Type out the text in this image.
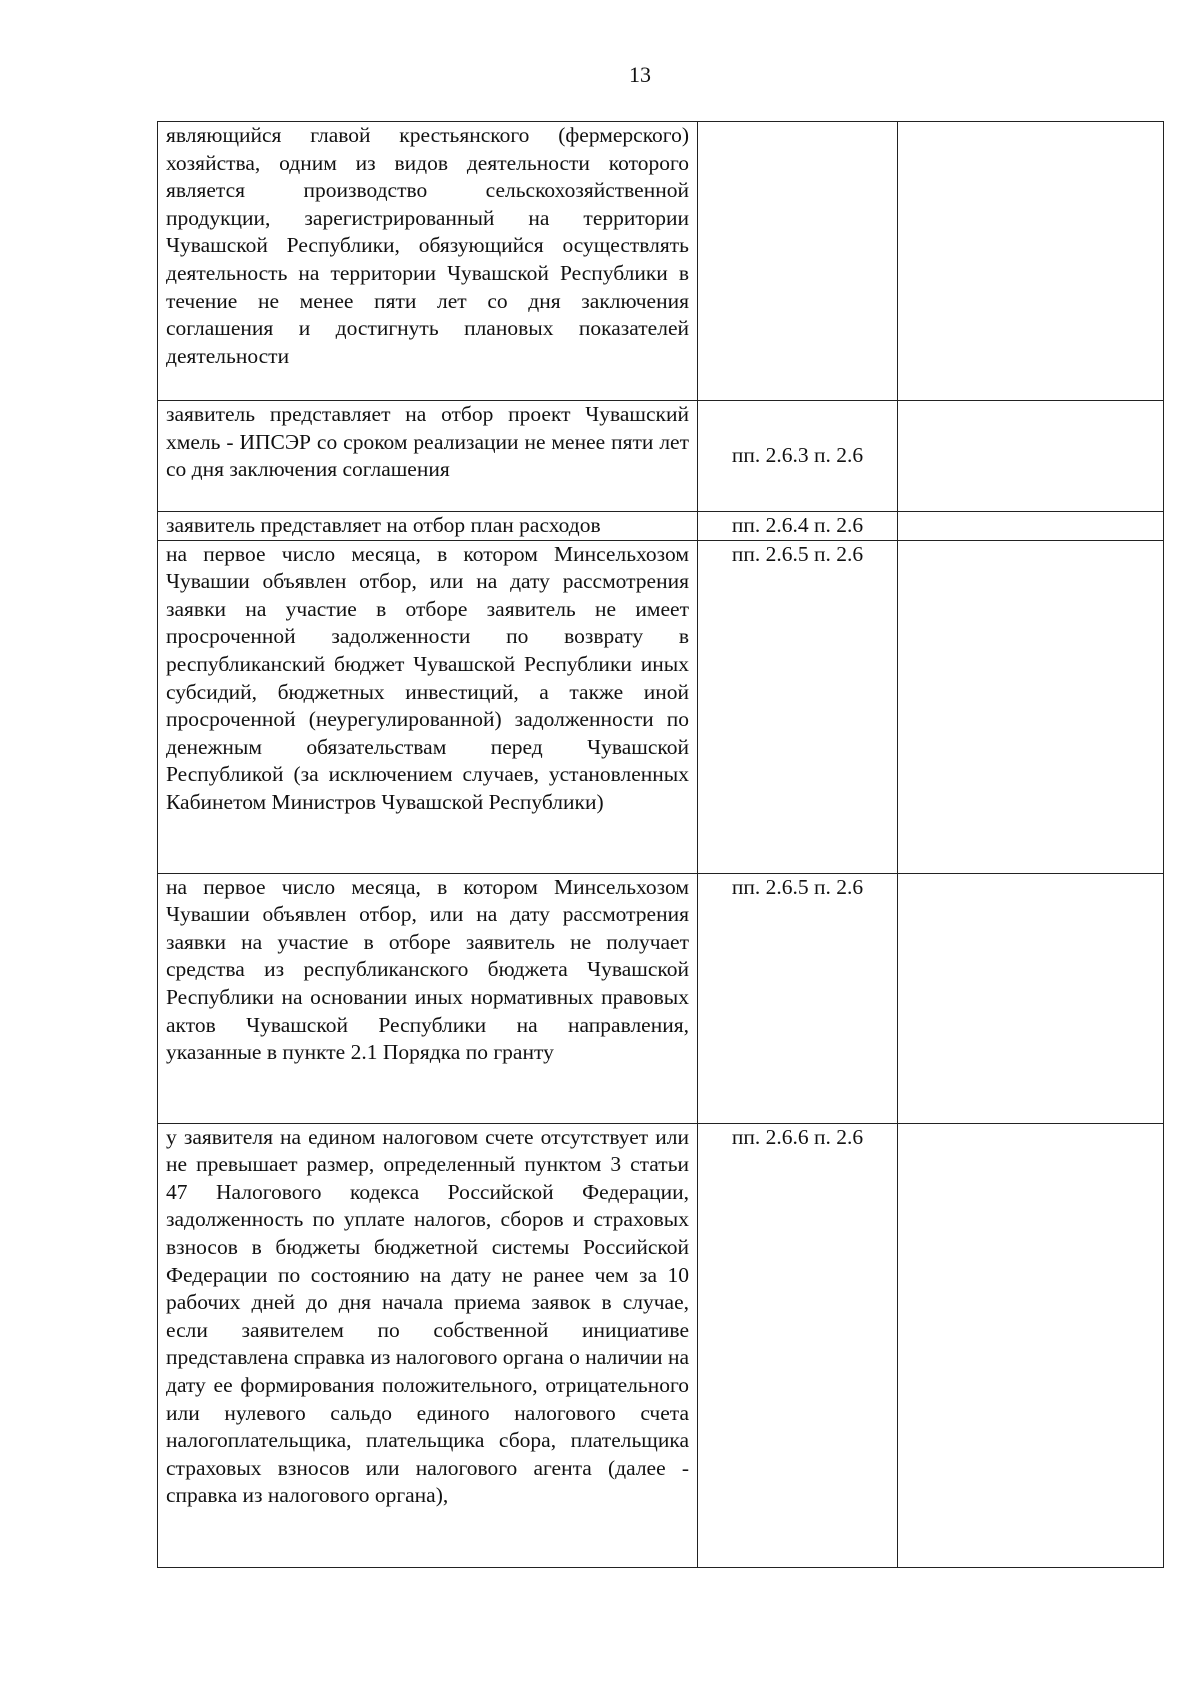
13
являющийся главой крестьянского (фермерского) хозяйства, одним из видов деятельности которого является производство сельскохозяйственной продукции, зарегистрированный на территории Чувашской Республики, обязующийся осуществлять деятельность на территории Чувашской Республики в течение не менее пяти лет со дня заключения соглашения и достигнуть плановых показателей деятельности		
заявитель представляет на отбор проект Чувашский хмель - ИПСЭР со сроком реализации не менее пяти лет со дня заключения соглашения	пп. 2.6.3 п. 2.6	
заявитель представляет на отбор план расходов	пп. 2.6.4 п. 2.6	
на первое число месяца, в котором Минсельхозом Чувашии объявлен отбор, или на дату рассмотрения заявки на участие в отборе заявитель не имеет просроченной задолженности по возврату в республиканский бюджет Чувашской Республики иных субсидий, бюджетных инвестиций, а также иной просроченной (неурегулированной) задолженности по денежным обязательствам перед Чувашской Республикой (за исключением случаев, установленных Кабинетом Министров Чувашской Республики)	пп. 2.6.5 п. 2.6	
на первое число месяца, в котором Минсельхозом Чувашии объявлен отбор, или на дату рассмотрения заявки на участие в отборе заявитель не получает средства из республиканского бюджета Чувашской Республики на основании иных нормативных правовых актов Чувашской Республики на направления, указанные в пункте 2.1 Порядка по гранту	пп. 2.6.5 п. 2.6	
у заявителя на едином налоговом счете отсутствует или не превышает размер, определенный пунктом 3 статьи 47 Налогового кодекса Российской Федерации, задолженность по уплате налогов, сборов и страховых взносов в бюджеты бюджетной системы Российской Федерации по состоянию на дату не ранее чем за 10 рабочих дней до дня начала приема заявок в случае, если заявителем по собственной инициативе представлена справка из налогового органа о наличии на дату ее формирования положительного, отрицательного или нулевого сальдо единого налогового счета налогоплательщика, плательщика сбора, плательщика страховых взносов или налогового агента (далее - справка из налогового органа),	пп. 2.6.6 п. 2.6	
